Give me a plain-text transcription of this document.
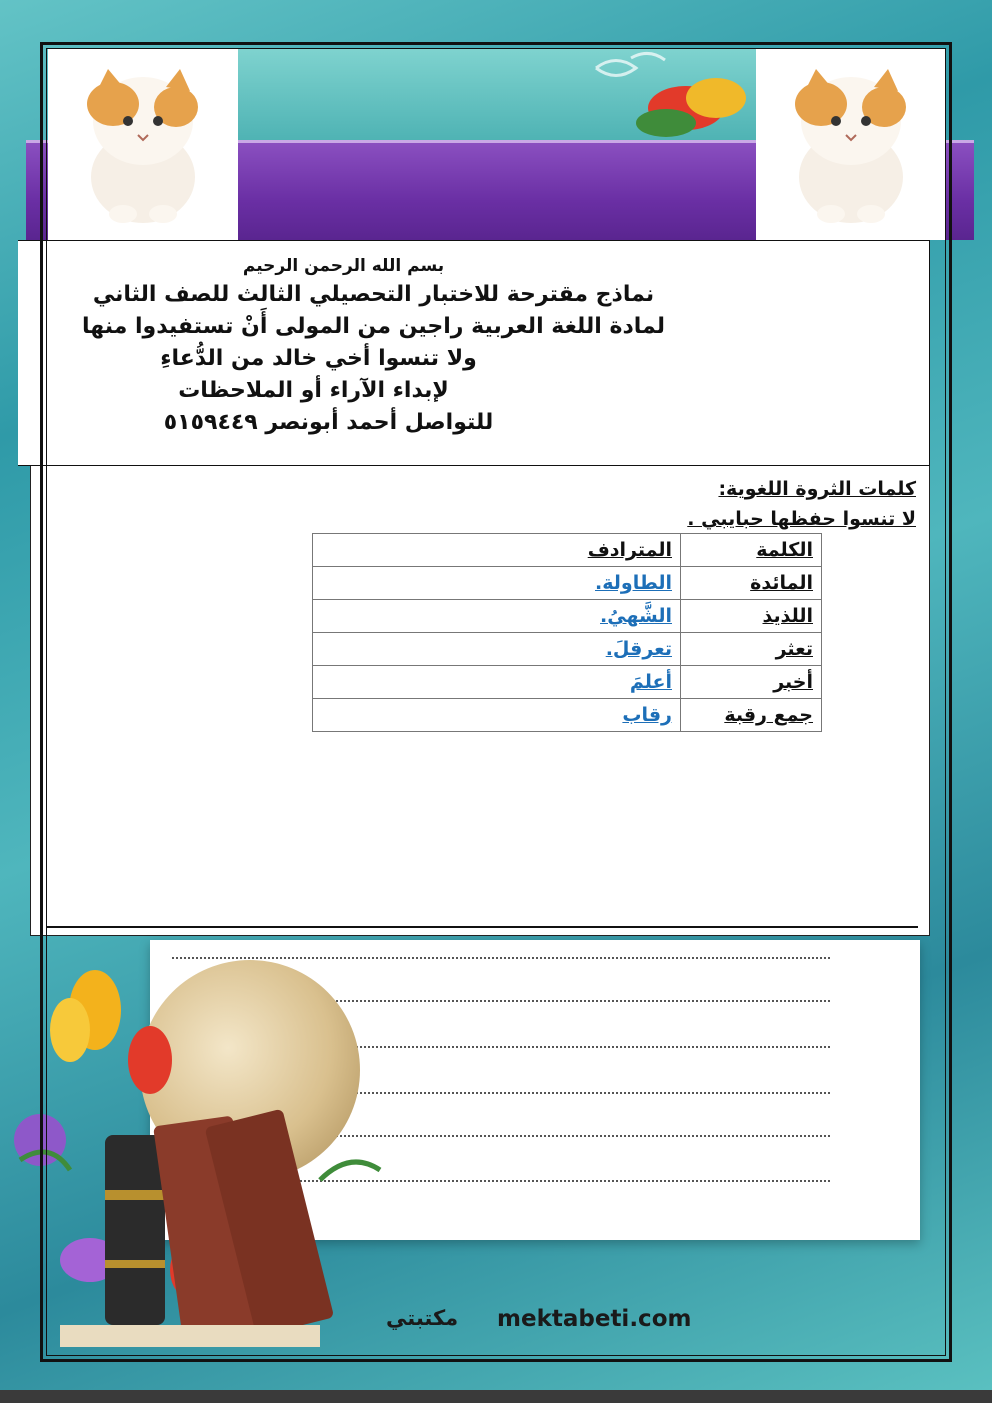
بسم الله الرحمن الرحيم
نماذج مقترحة للاختبار التحصيلي الثالث للصف الثاني
لمادة اللغة العربية راجين من المولى أَنْ تستفيدوا منها
ولا تنسوا أخي خالد من الدُّعاءِ
لإبداء الآراء أو الملاحظات
للتواصل أحمد أبونصر ٥١٥٩٤٤٩
كلمات الثروة اللغوية:
لا تنسوا حفظها حبايبي .
الكلمة	المترادف
المائدة	الطاولة.
اللذيذ	الشَّهيُ.
تعثر	تعرقلَ.
أخبر	أعلمَ
جمع رقبة	رقاب
مكتبتي mektabeti.com
